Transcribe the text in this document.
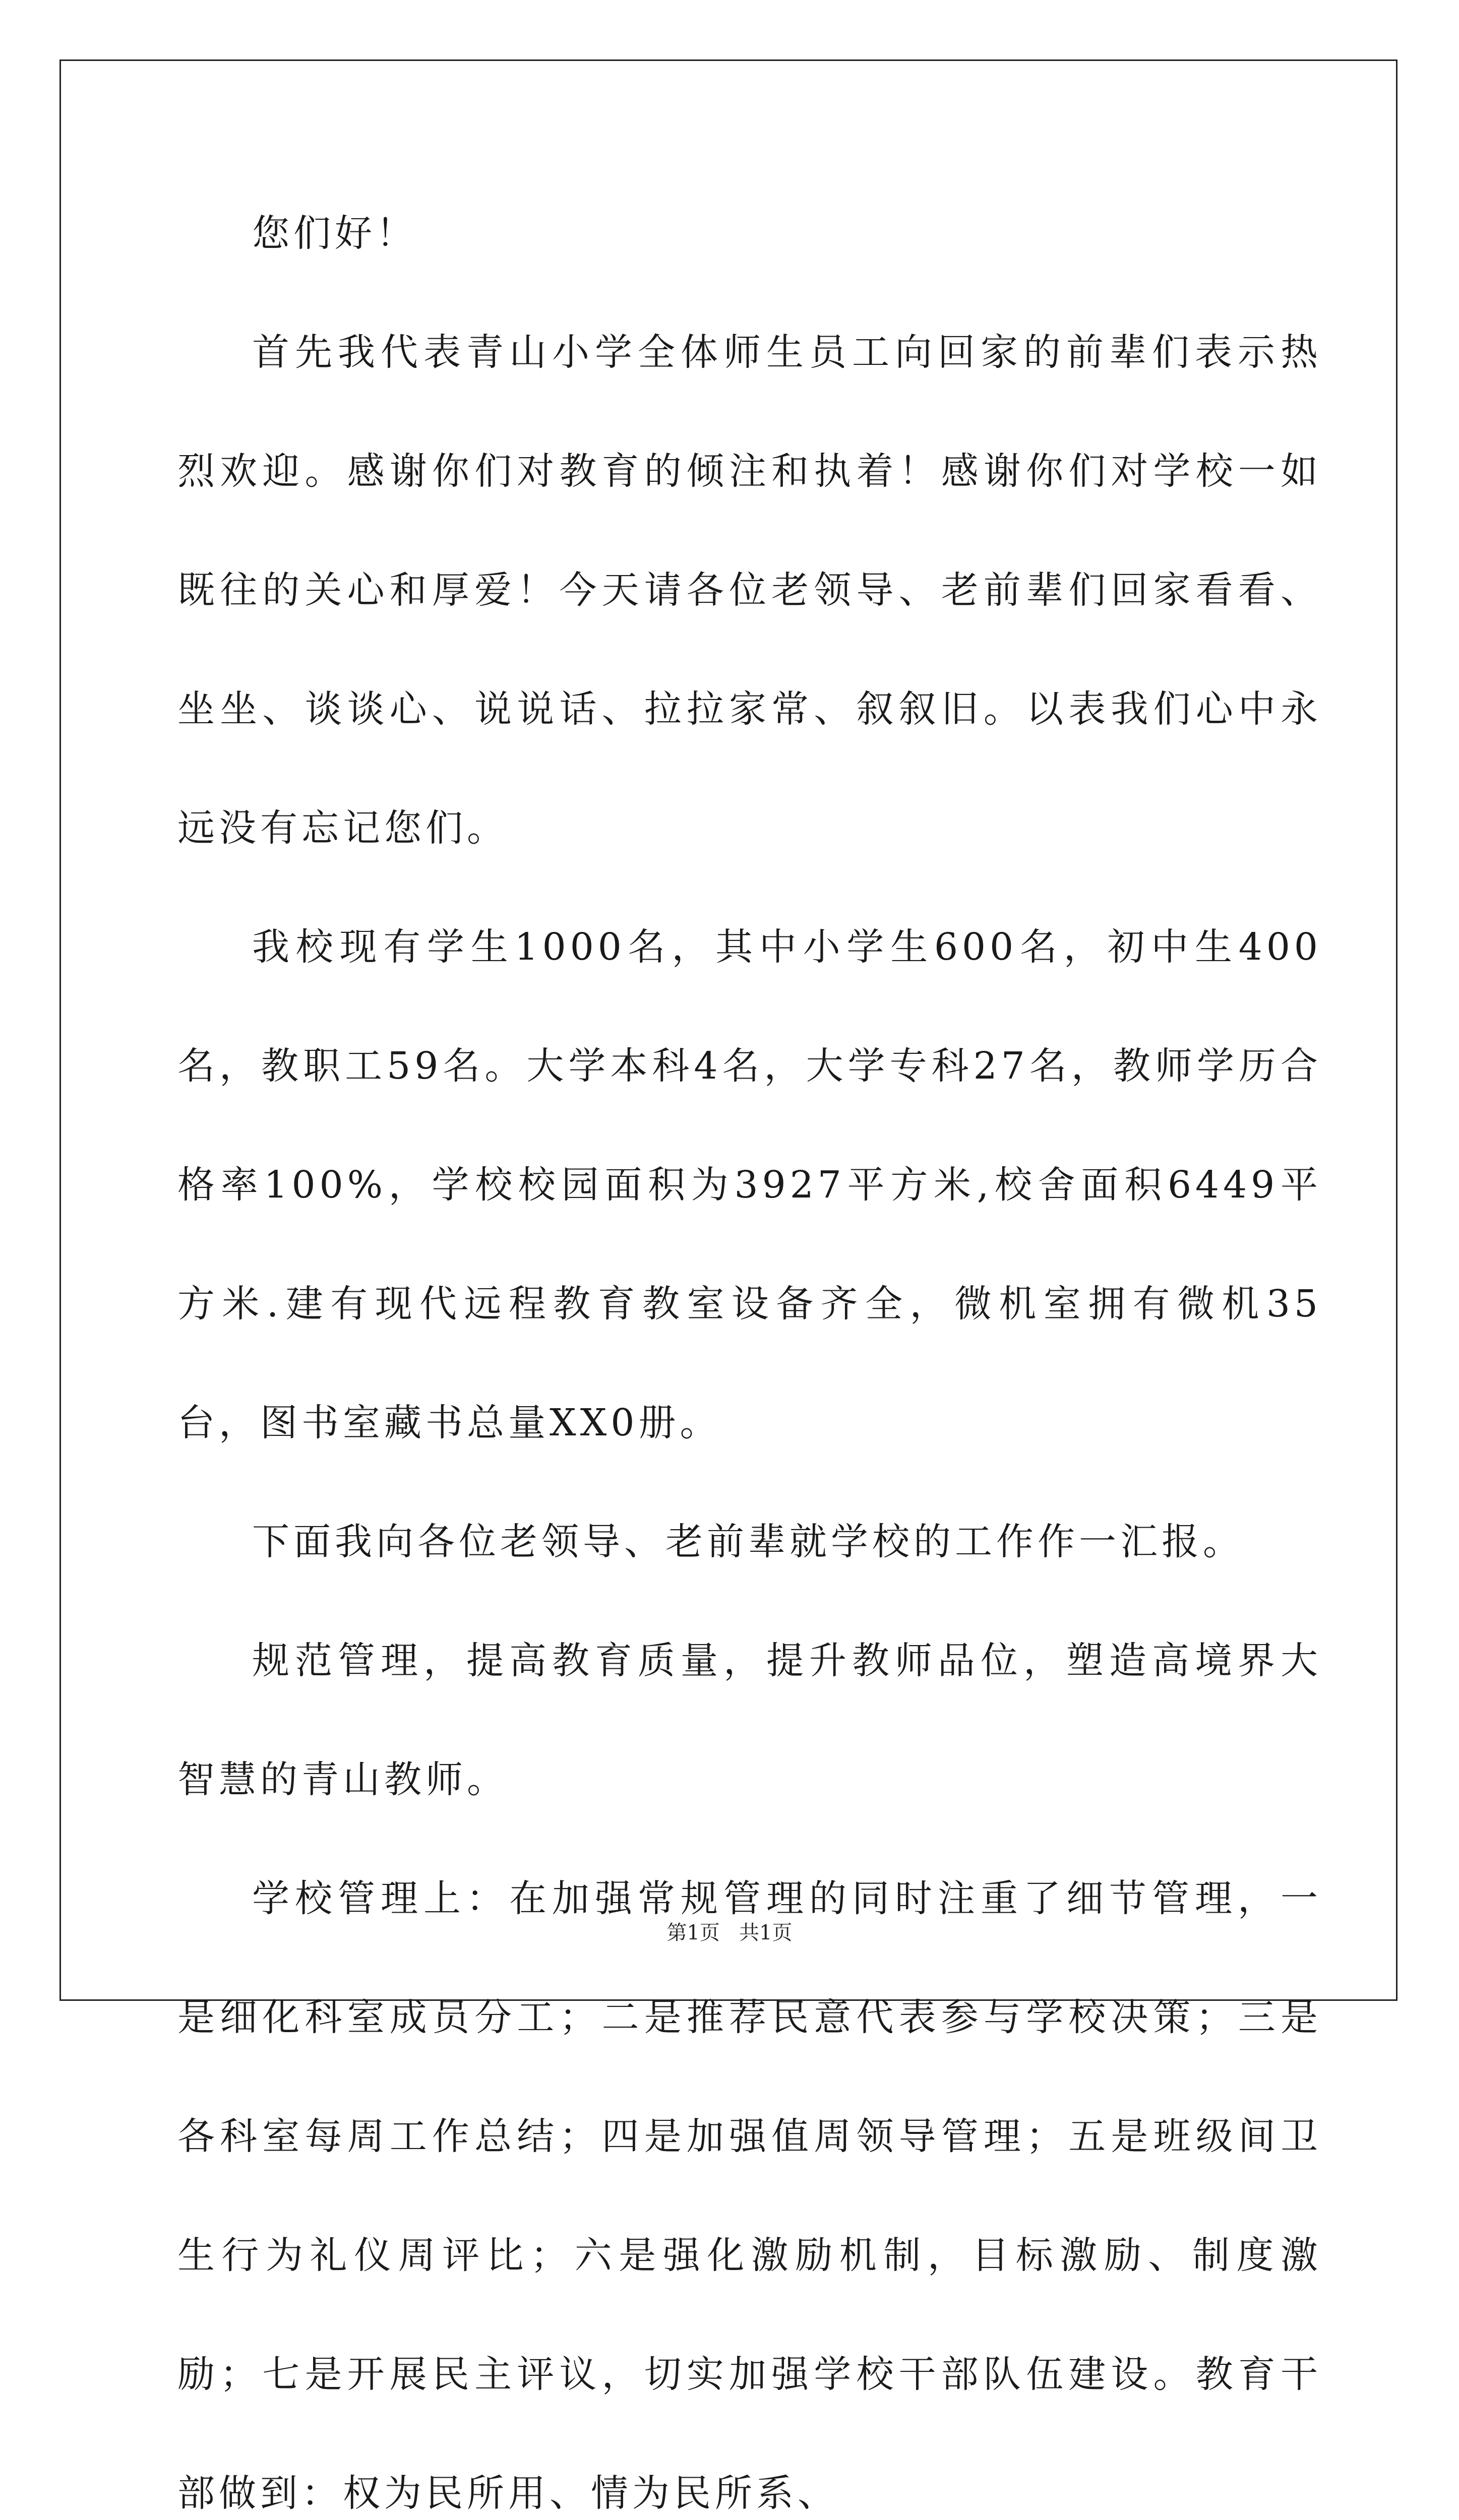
您们好！

首先我代表青山小学全体师生员工向回家的前辈们表示热烈欢迎。感谢你们对教育的倾注和执着！感谢你们对学校一如既往的关心和厚爱！今天请各位老领导、老前辈们回家看看、坐坐、谈谈心、说说话、拉拉家常、叙叙旧。以表我们心中永远没有忘记您们。

我校现有学生1000名，其中小学生600名，初中生400名，教职工59名。大学本科4名，大学专科27名，教师学历合格率100%，学校校园面积为3927平方米,校舍面积6449平方米.建有现代远程教育教室设备齐全，微机室拥有微机35台，图书室藏书总量XX0册。

下面我向各位老领导、老前辈就学校的工作作一汇报。

规范管理，提高教育质量，提升教师品位，塑造高境界大智慧的青山教师。

学校管理上：在加强常规管理的同时注重了细节管理，一是细化科室成员分工；二是推荐民意代表参与学校决策；三是各科室每周工作总结；四是加强值周领导管理；五是班级间卫生行为礼仪周评比；六是强化激励机制，目标激励、制度激励；七是开展民主评议，切实加强学校干部队伍建设。教育干部做到：权为民所用、情为民所系、

第1页   共1页
